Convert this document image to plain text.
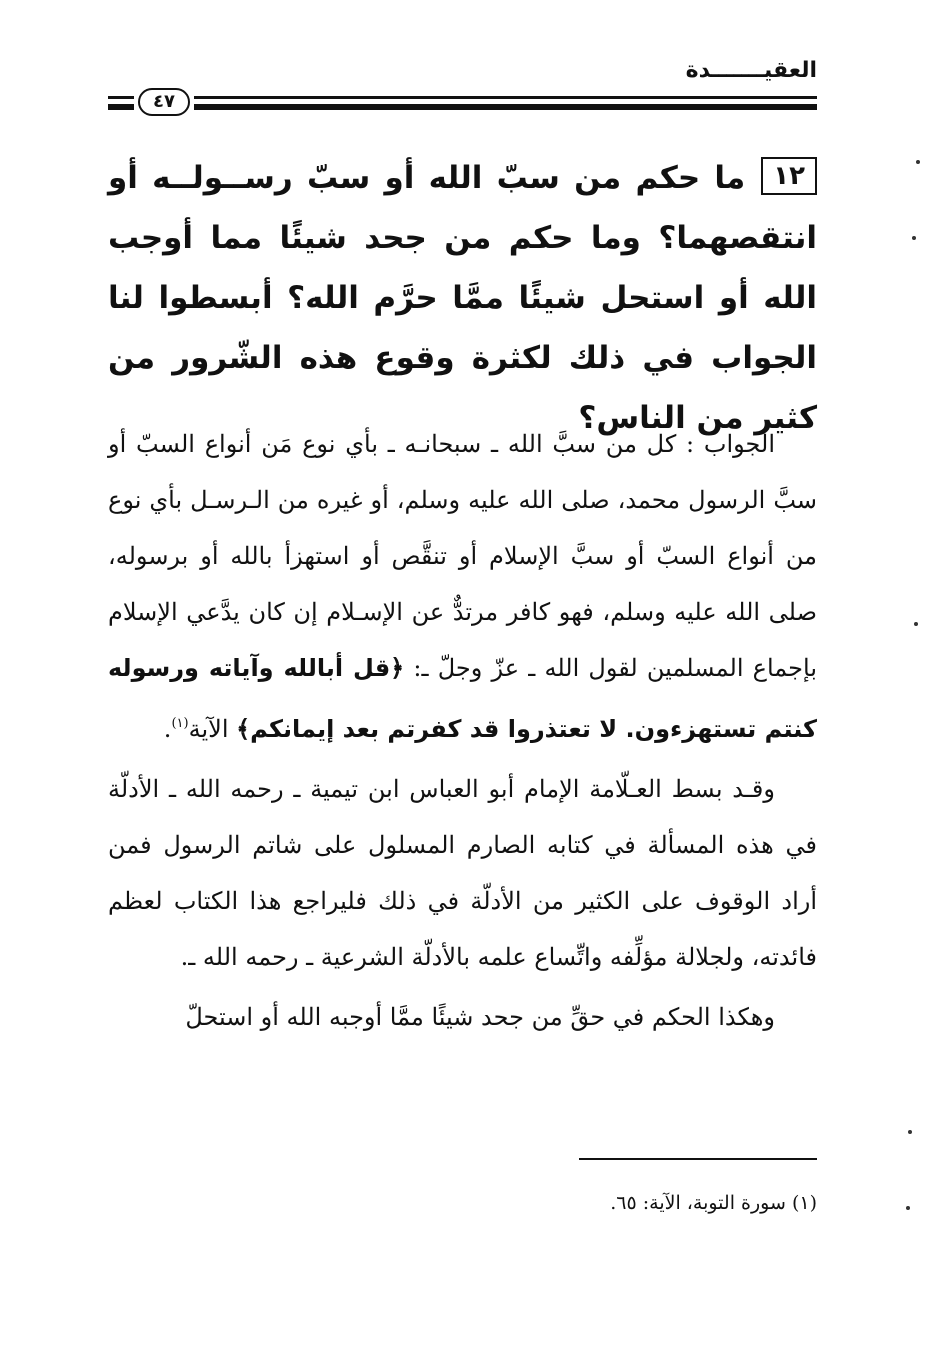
العقيـــــــدة
٤٧
١٢ما حكم من سبّ الله أو سبّ رســولــه أو انتقصهما؟ وما حكم من جحد شيئًا مما أوجب الله أو استحل شيئًا ممَّا حرَّم الله؟ أبسطوا لنا الجواب في ذلك لكثرة وقوع هذه الشّرور من كثير من الناس؟

الجواب : كل من سبَّ الله ـ سبحانـه ـ بأي نوع مَن أنواع السبّ أو سبَّ الرسول محمد، صلى الله عليه وسلم، أو غيره من الـرسـل بأي نوع من أنواع السبّ أو سبَّ الإسلام أو تنقَّص أو استهزأ بالله أو برسوله، صلى الله عليه وسلم، فهو كافر مرتدٌّ عن الإسـلام إن كان يدَّعي الإسلام بإجماع المسلمين لقول الله ـ عزّ وجلّ ـ: ﴿قل أبالله وآياته ورسوله كنتم تستهزءون. لا تعتذروا قد كفرتم بعد إيمانكم﴾ الآية$^{(١)}$.

وقـد بسط العـلّامة الإمام أبو العباس ابن تيمية ـ رحمه الله ـ الأدلّة في هذه المسألة في كتابه الصارم المسلول على شاتم الرسول فمن أراد الوقوف على الكثير من الأدلّة في ذلك فليراجع هذا الكتاب لعظم فائدته، ولجلالة مؤلِّفه واتِّساع علمه بالأدلّة الشرعية ـ رحمه الله ـ.

وهكذا الحكم في حقِّ من جحد شيئًا ممَّا أوجبه الله أو استحلّ

(١) سورة التوبة، الآية: ٦٥.
